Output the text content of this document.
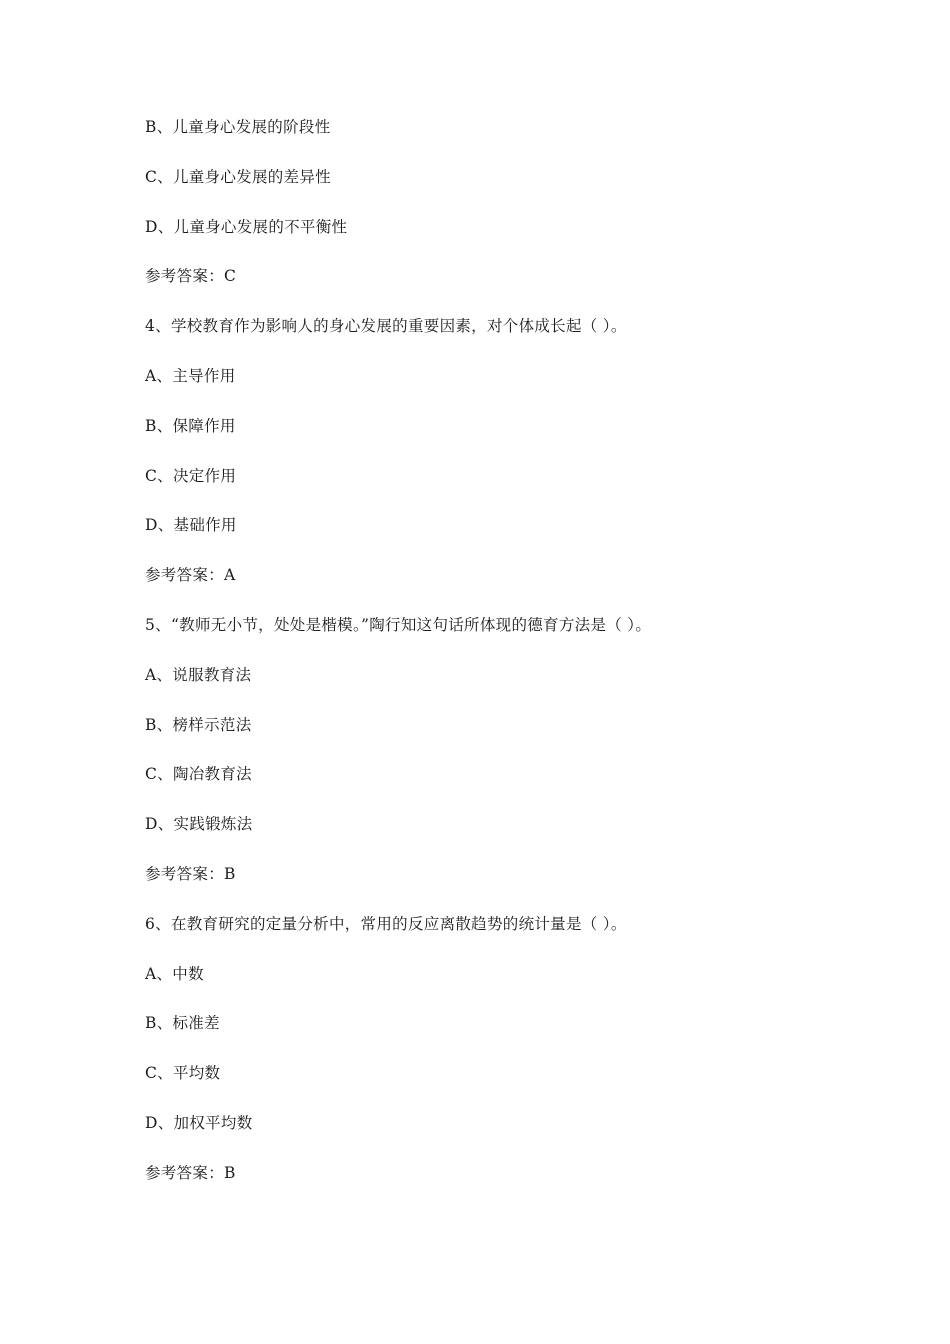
B、儿童身心发展的阶段性
C、儿童身心发展的差异性
D、儿童身心发展的不平衡性
参考答案：C
4、学校教育作为影响人的身心发展的重要因素，对个体成长起（ ）。
A、主导作用
B、保障作用
C、决定作用
D、基础作用
参考答案：A
5、“教师无小节，处处是楷模。”陶行知这句话所体现的德育方法是（ ）。
A、说服教育法
B、榜样示范法
C、陶冶教育法
D、实践锻炼法
参考答案：B
6、在教育研究的定量分析中，常用的反应离散趋势的统计量是（ ）。
A、中数
B、标准差
C、平均数
D、加权平均数
参考答案：B
